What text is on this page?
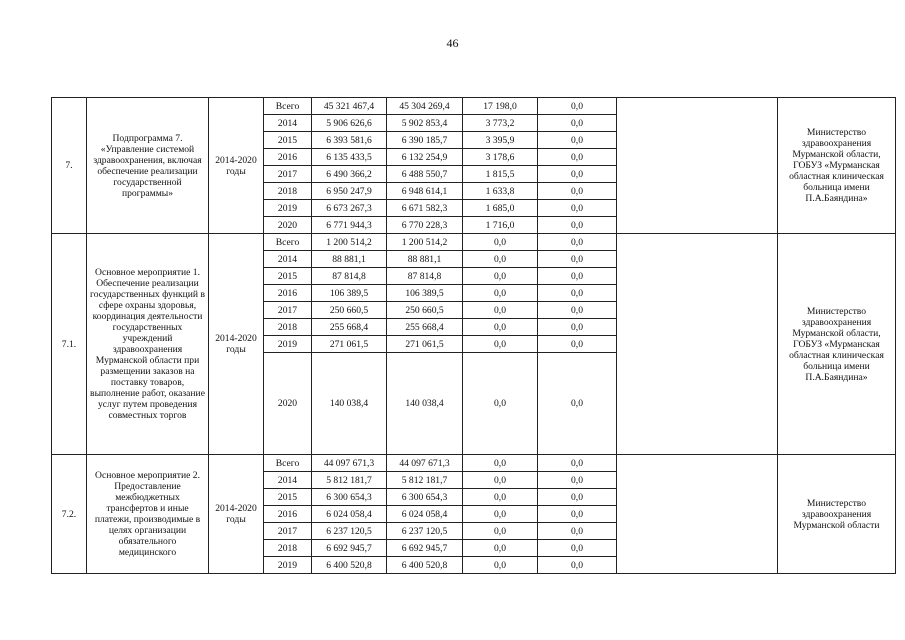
46
7.	Подпрограмма 7. «Управление системой здравоохранения, включая обеспечение реализации государственной программы»	2014-2020 годы	Всего	45 321 467,4	45 304 269,4	17 198,0	0,0		Министерство здравоохранения Мурманской области, ГОБУЗ «Мурманская областная клиническая больница имени П.А.Баяндина»
			2014	5 906 626,6	5 902 853,4	3 773,2	0,0		
			2015	6 393 581,6	6 390 185,7	3 395,9	0,0		
			2016	6 135 433,5	6 132 254,9	3 178,6	0,0		
			2017	6 490 366,2	6 488 550,7	1 815,5	0,0		
			2018	6 950 247,9	6 948 614,1	1 633,8	0,0		
			2019	6 673 267,3	6 671 582,3	1 685,0	0,0		
			2020	6 771 944,3	6 770 228,3	1 716,0	0,0		
7.1.	Основное мероприятие 1. Обеспечение реализации государственных функций в сфере охраны здоровья, координация деятельности государственных учреждений здравоохранения Мурманской области при размещении заказов на поставку товаров, выполнение работ, оказание услуг путем проведения совместных торгов	2014-2020 годы	Всего	1 200 514,2	1 200 514,2	0,0	0,0		Министерство здравоохранения Мурманской области, ГОБУЗ «Мурманская областная клиническая больница имени П.А.Баяндина»
			2014	88 881,1	88 881,1	0,0	0,0		
			2015	87 814,8	87 814,8	0,0	0,0		
			2016	106 389,5	106 389,5	0,0	0,0		
			2017	250 660,5	250 660,5	0,0	0,0		
			2018	255 668,4	255 668,4	0,0	0,0		
			2019	271 061,5	271 061,5	0,0	0,0		
			2020	140 038,4	140 038,4	0,0	0,0		
7.2.	Основное мероприятие 2. Предоставление межбюджетных трансфертов и иные платежи, производимые в целях организации обязательного медицинского	2014-2020 годы	Всего	44 097 671,3	44 097 671,3	0,0	0,0		Министерство здравоохранения Мурманской области
			2014	5 812 181,7	5 812 181,7	0,0	0,0		
			2015	6 300 654,3	6 300 654,3	0,0	0,0		
			2016	6 024 058,4	6 024 058,4	0,0	0,0		
			2017	6 237 120,5	6 237 120,5	0,0	0,0		
			2018	6 692 945,7	6 692 945,7	0,0	0,0		
			2019	6 400 520,8	6 400 520,8	0,0	0,0		
